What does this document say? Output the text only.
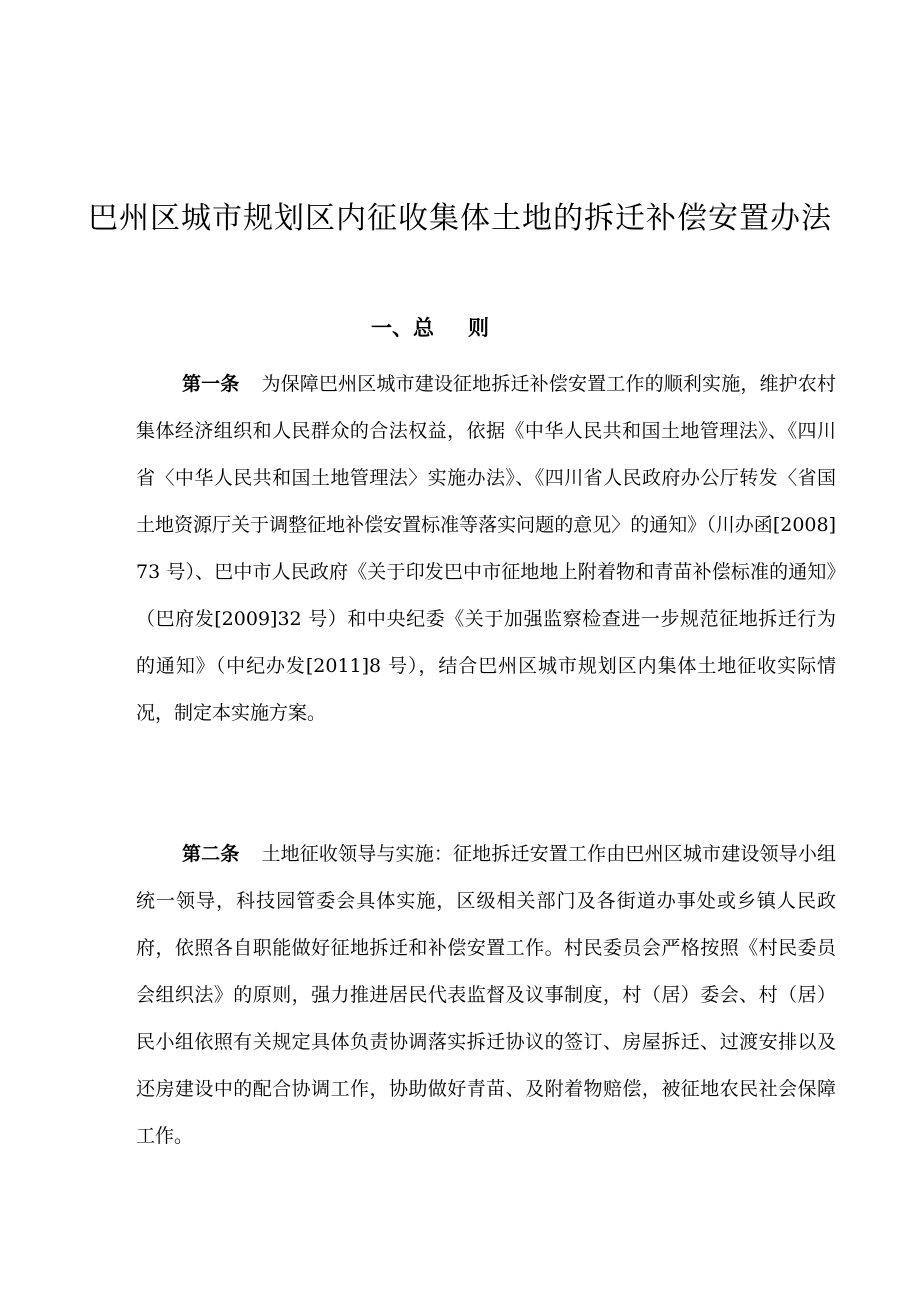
巴州区城市规划区内征收集体土地的拆迁补偿安置办法
一、总 则

第一条 为保障巴州区城市建设征地拆迁补偿安置工作的顺利实施，维护农村集体经济组织和人民群众的合法权益，依据《中华人民共和国土地管理法》、《四川省〈中华人民共和国土地管理法〉实施办法》、《四川省人民政府办公厅转发〈省国土地资源厅关于调整征地补偿安置标准等落实问题的意见〉的通知》（川办函[2008]73 号）、巴中市人民政府《关于印发巴中市征地地上附着物和青苗补偿标准的通知》（巴府发[2009]32 号）和中央纪委《关于加强监察检查进一步规范征地拆迁行为的通知》（中纪办发[2011]8 号），结合巴州区城市规划区内集体土地征收实际情况，制定本实施方案。

第二条 土地征收领导与实施：征地拆迁安置工作由巴州区城市建设领导小组统一领导，科技园管委会具体实施，区级相关部门及各街道办事处或乡镇人民政府，依照各自职能做好征地拆迁和补偿安置工作。村民委员会严格按照《村民委员会组织法》的原则，强力推进居民代表监督及议事制度，村（居）委会、村（居）民小组依照有关规定具体负责协调落实拆迁协议的签订、房屋拆迁、过渡安排以及还房建设中的配合协调工作，协助做好青苗、及附着物赔偿，被征地农民社会保障工作。
